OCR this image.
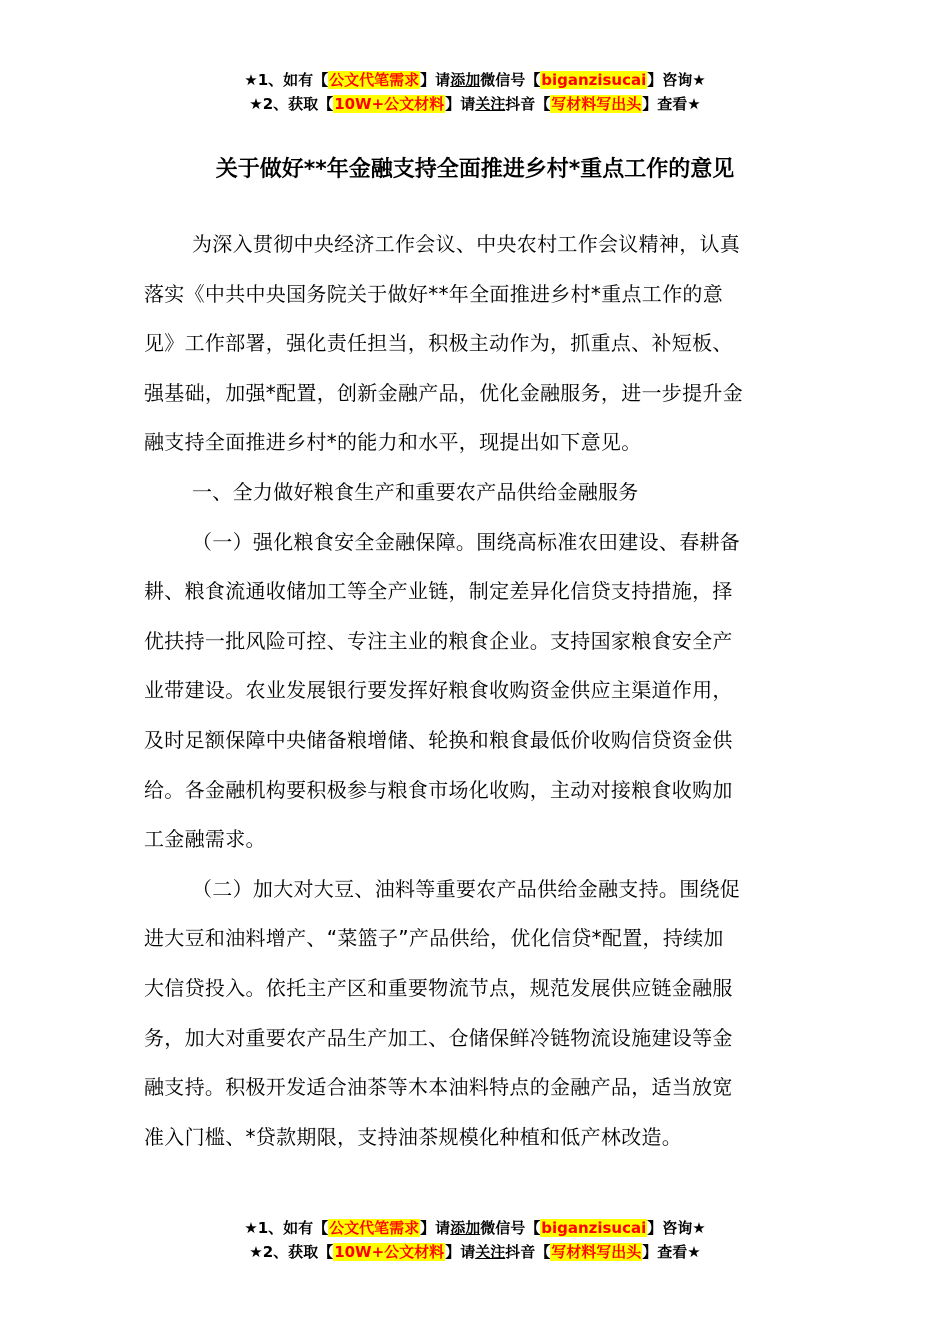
★1、如有【公文代笔需求】请添加微信号【biganzisucai】咨询★
★2、获取【10W+公文材料】请关注抖音【写材料写出头】查看★
关于做好**年金融支持全面推进乡村*重点工作的意见
为深入贯彻中央经济工作会议、中央农村工作会议精神，认真
落实《中共中央国务院关于做好**年全面推进乡村*重点工作的意
见》工作部署，强化责任担当，积极主动作为，抓重点、补短板、
强基础，加强*配置，创新金融产品，优化金融服务，进一步提升金
融支持全面推进乡村*的能力和水平，现提出如下意见。
一、全力做好粮食生产和重要农产品供给金融服务
（一）强化粮食安全金融保障。围绕高标准农田建设、春耕备
耕、粮食流通收储加工等全产业链，制定差异化信贷支持措施，择
优扶持一批风险可控、专注主业的粮食企业。支持国家粮食安全产
业带建设。农业发展银行要发挥好粮食收购资金供应主渠道作用，
及时足额保障中央储备粮增储、轮换和粮食最低价收购信贷资金供
给。各金融机构要积极参与粮食市场化收购，主动对接粮食收购加
工金融需求。
（二）加大对大豆、油料等重要农产品供给金融支持。围绕促
进大豆和油料增产、“菜篮子”产品供给，优化信贷*配置，持续加
大信贷投入。依托主产区和重要物流节点，规范发展供应链金融服
务，加大对重要农产品生产加工、仓储保鲜冷链物流设施建设等金
融支持。积极开发适合油茶等木本油料特点的金融产品，适当放宽
准入门槛、*贷款期限，支持油茶规模化种植和低产林改造。
★1、如有【公文代笔需求】请添加微信号【biganzisucai】咨询★
★2、获取【10W+公文材料】请关注抖音【写材料写出头】查看★
